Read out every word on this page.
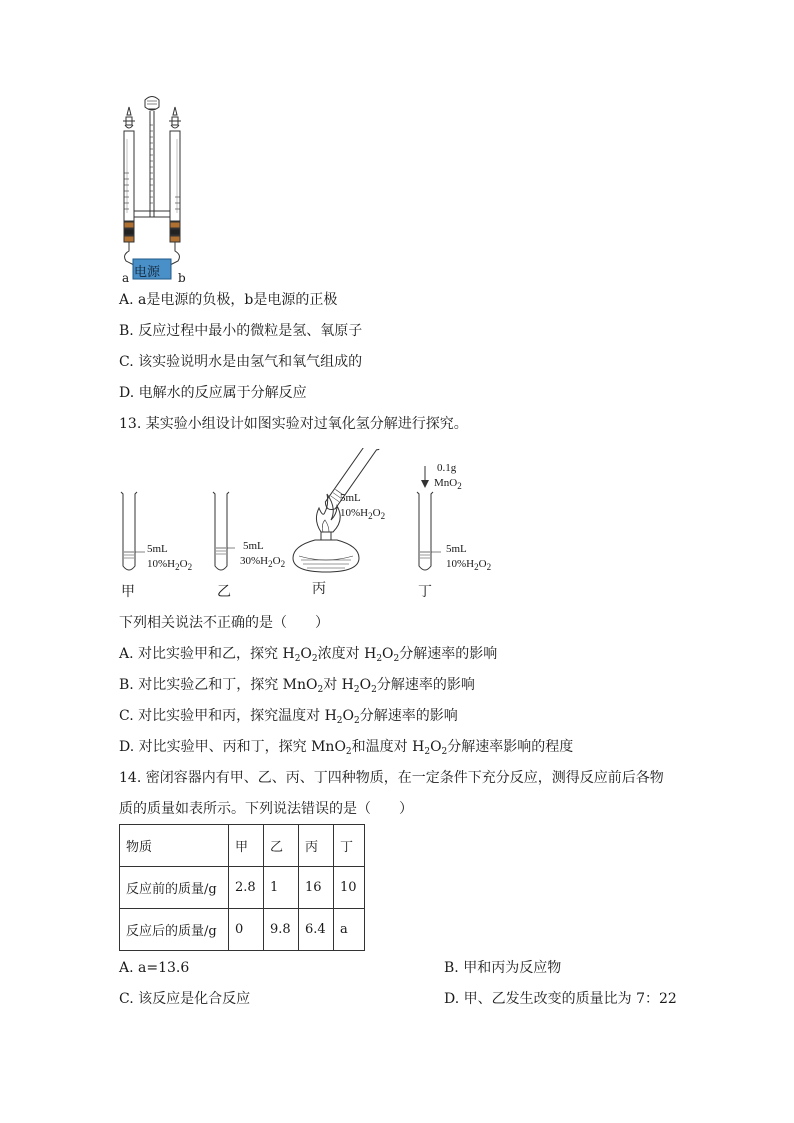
电源
a	b
A. a是电源的负极，b是电源的正极
B. 反应过程中最小的微粒是氢、氧原子
C. 该实验说明水是由氢气和氧气组成的
D. 电解水的反应属于分解反应
13. 某实验小组设计如图实验对过氧化氢分解进行探究。
5mL
$10\%H_2O_2$
甲
5mL
$30\%H_2O_2$
乙
5mL
$10\%H_2O_2$
丙
0.1g
MnO$_2$
5mL
$10\%H_2O_2$
丁
下列相关说法不正确的是（　　）
A. 对比实验甲和乙，探究 $H_2O_2$浓度对 $H_2O_2$分解速率的影响
B. 对比实验乙和丁，探究 MnO$_2$对 $H_2O_2$分解速率的影响
C. 对比实验甲和丙，探究温度对 $H_2O_2$分解速率的影响
D. 对比实验甲、丙和丁，探究 MnO$_2$和温度对 $H_2O_2$分解速率影响的程度
14. 密闭容器内有甲、乙、丙、丁四种物质，在一定条件下充分反应，测得反应前后各物
质的质量如表所示。下列说法错误的是（　　）
物质	甲	乙	丙	丁
反应前的质量/g	2.8	1	16	10
反应后的质量/g	0	9.8	6.4	a
A. a=13.6	B. 甲和丙为反应物
C. 该反应是化合反应	D. 甲、乙发生改变的质量比为 7：22
